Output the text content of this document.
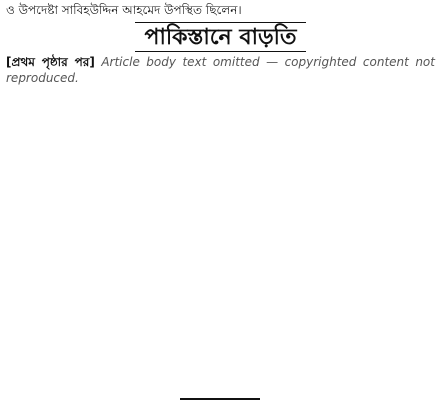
ও উপদেষ্টা সাবিহউদ্দিন আহমেদ উপস্থিত ছিলেন।
পাকিস্তানে বাড়তি
[প্রথম পৃষ্ঠার পর] Article body text omitted — copyrighted content not reproduced.
